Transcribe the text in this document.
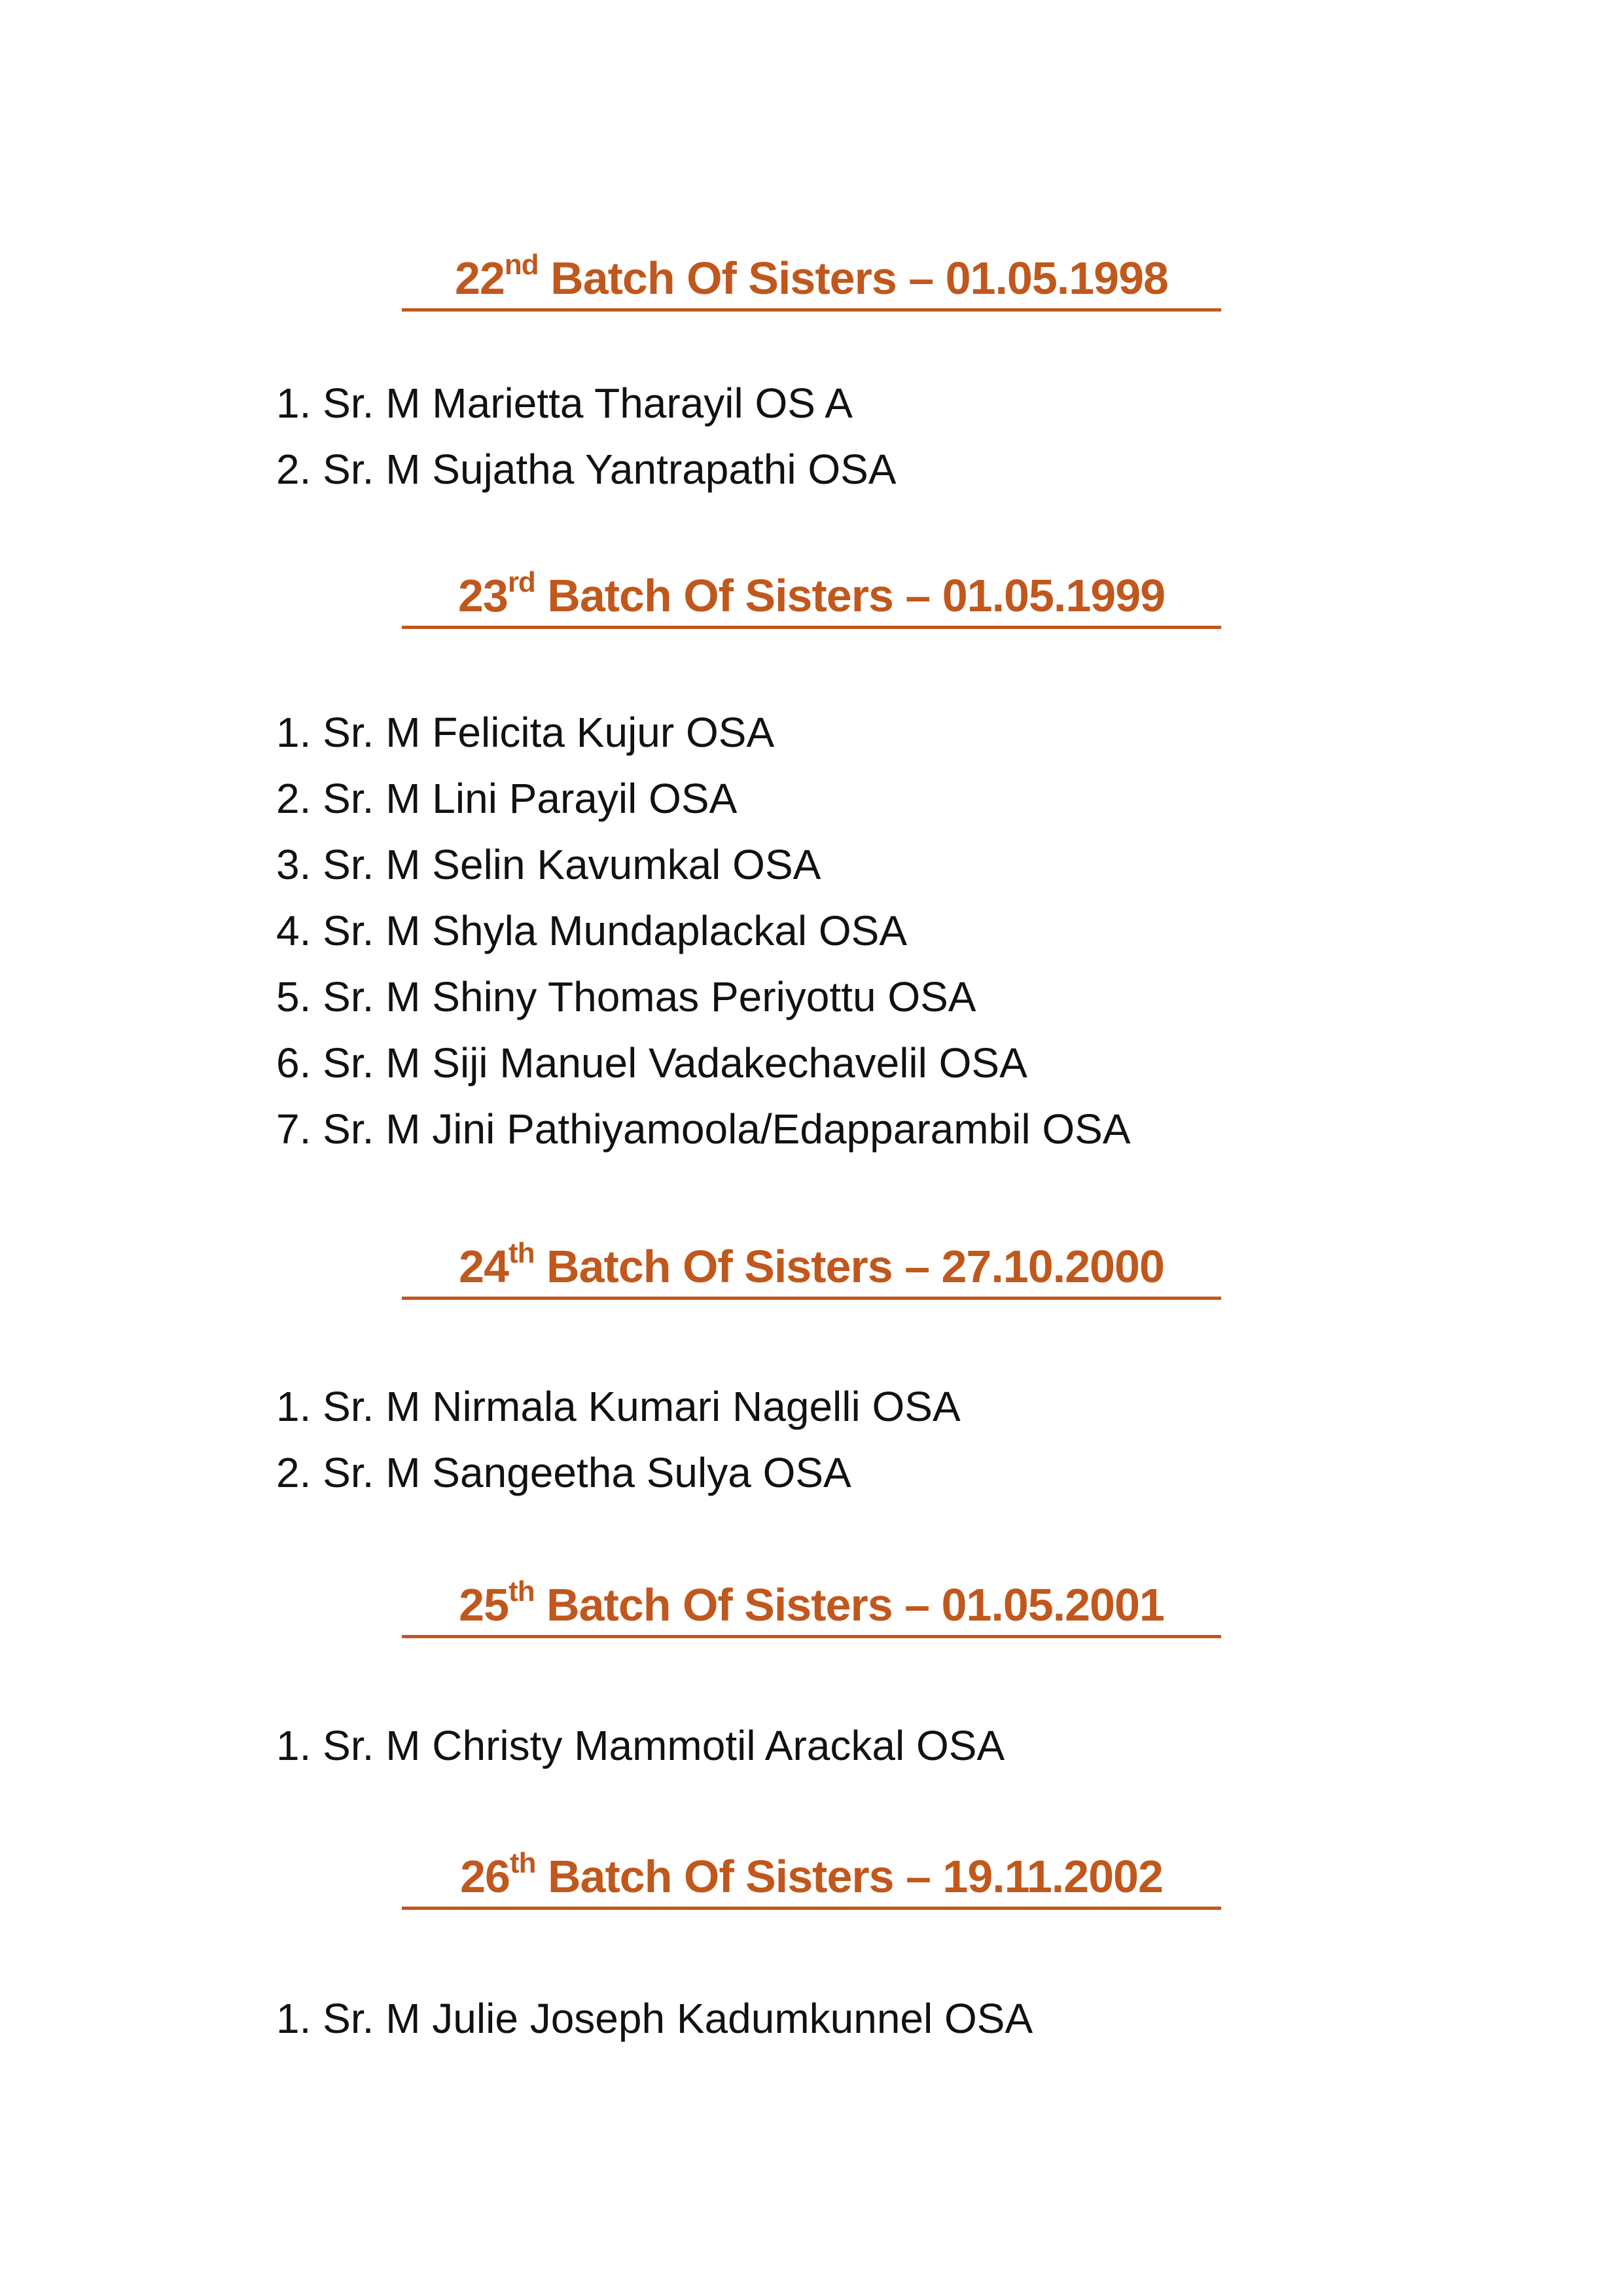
22nd Batch Of Sisters – 01.05.1998
1. Sr. M Marietta Tharayil OS A
2. Sr. M Sujatha Yantrapathi OSA
23rd Batch Of Sisters – 01.05.1999
1. Sr. M Felicita Kujur OSA
2. Sr. M Lini Parayil OSA
3. Sr. M Selin Kavumkal OSA
4. Sr. M Shyla Mundaplackal OSA
5. Sr. M Shiny Thomas Periyottu OSA
6. Sr. M Siji Manuel Vadakechavelil OSA
7. Sr. M Jini Pathiyamoola/Edapparambil OSA
24th Batch Of Sisters – 27.10.2000
1. Sr. M Nirmala Kumari Nagelli OSA
2. Sr. M Sangeetha Sulya OSA
25th Batch Of Sisters – 01.05.2001
1. Sr. M Christy Mammotil Arackal OSA
26th Batch Of Sisters – 19.11.2002
1. Sr. M Julie Joseph Kadumkunnel OSA
